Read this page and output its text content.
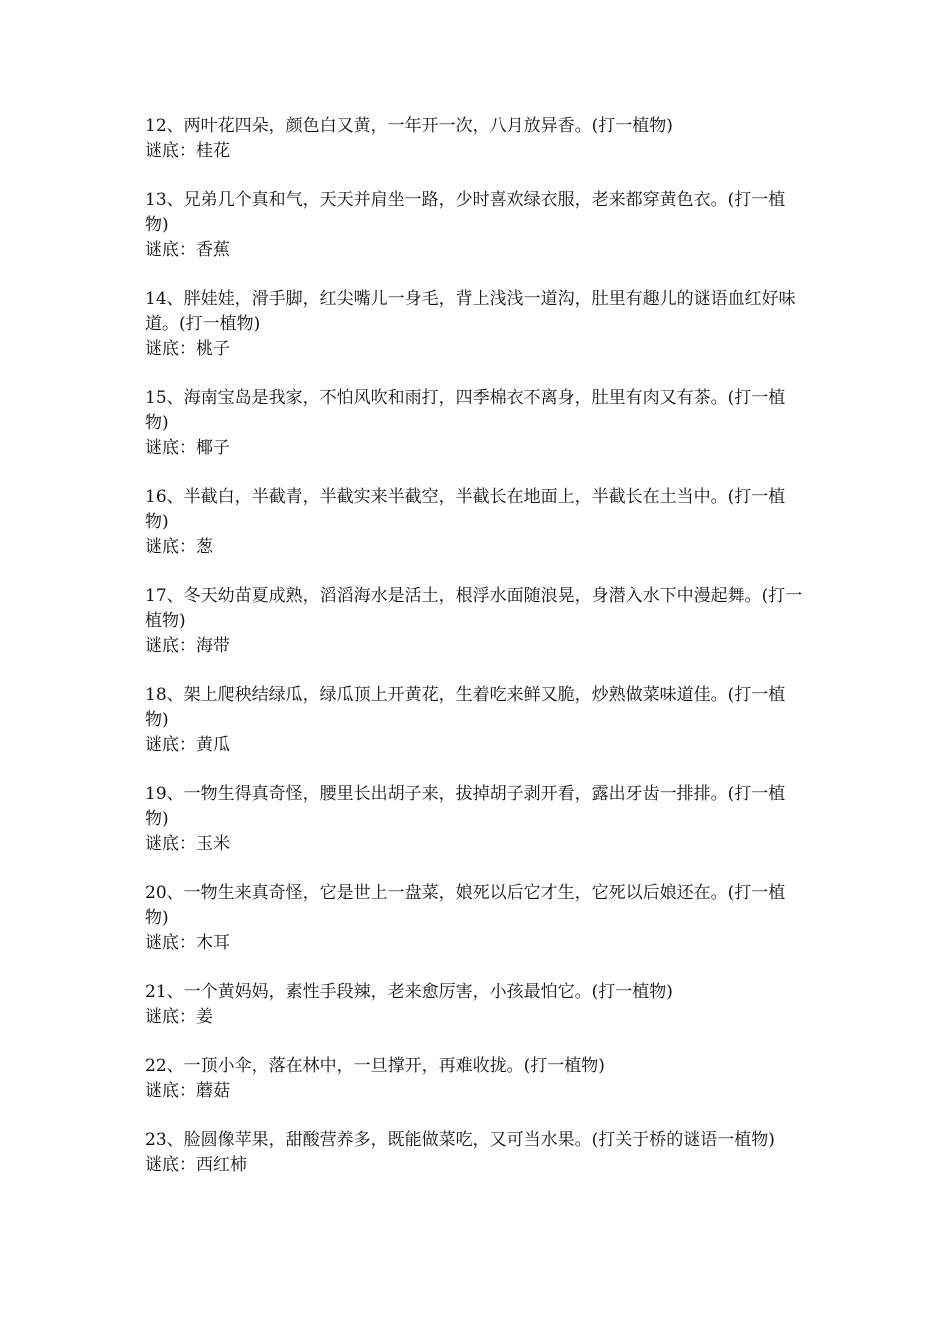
12、两叶花四朵，颜色白又黄，一年开一次，八月放异香。(打一植物)

谜底：桂花

13、兄弟几个真和气，天天并肩坐一路，少时喜欢绿衣服，老来都穿黄色衣。(打一植物)

谜底：香蕉

14、胖娃娃，滑手脚，红尖嘴儿一身毛，背上浅浅一道沟，肚里有趣儿的谜语血红好味道。(打一植物)

谜底：桃子

15、海南宝岛是我家，不怕风吹和雨打，四季棉衣不离身，肚里有肉又有茶。(打一植物)

谜底：椰子

16、半截白，半截青，半截实来半截空，半截长在地面上，半截长在土当中。(打一植物)

谜底：葱

17、冬天幼苗夏成熟，滔滔海水是活土，根浮水面随浪晃，身潜入水下中漫起舞。(打一植物)

谜底：海带

18、架上爬秧结绿瓜，绿瓜顶上开黄花，生着吃来鲜又脆，炒熟做菜味道佳。(打一植物)

谜底：黄瓜

19、一物生得真奇怪，腰里长出胡子来，拔掉胡子剥开看，露出牙齿一排排。(打一植物)

谜底：玉米

20、一物生来真奇怪，它是世上一盘菜，娘死以后它才生，它死以后娘还在。(打一植物)

谜底：木耳

21、一个黄妈妈，素性手段辣，老来愈厉害，小孩最怕它。(打一植物)

谜底：姜

22、一顶小伞，落在林中，一旦撑开，再难收拢。(打一植物)

谜底：蘑菇

23、脸圆像苹果，甜酸营养多，既能做菜吃，又可当水果。(打关于桥的谜语一植物)

谜底：西红柿
